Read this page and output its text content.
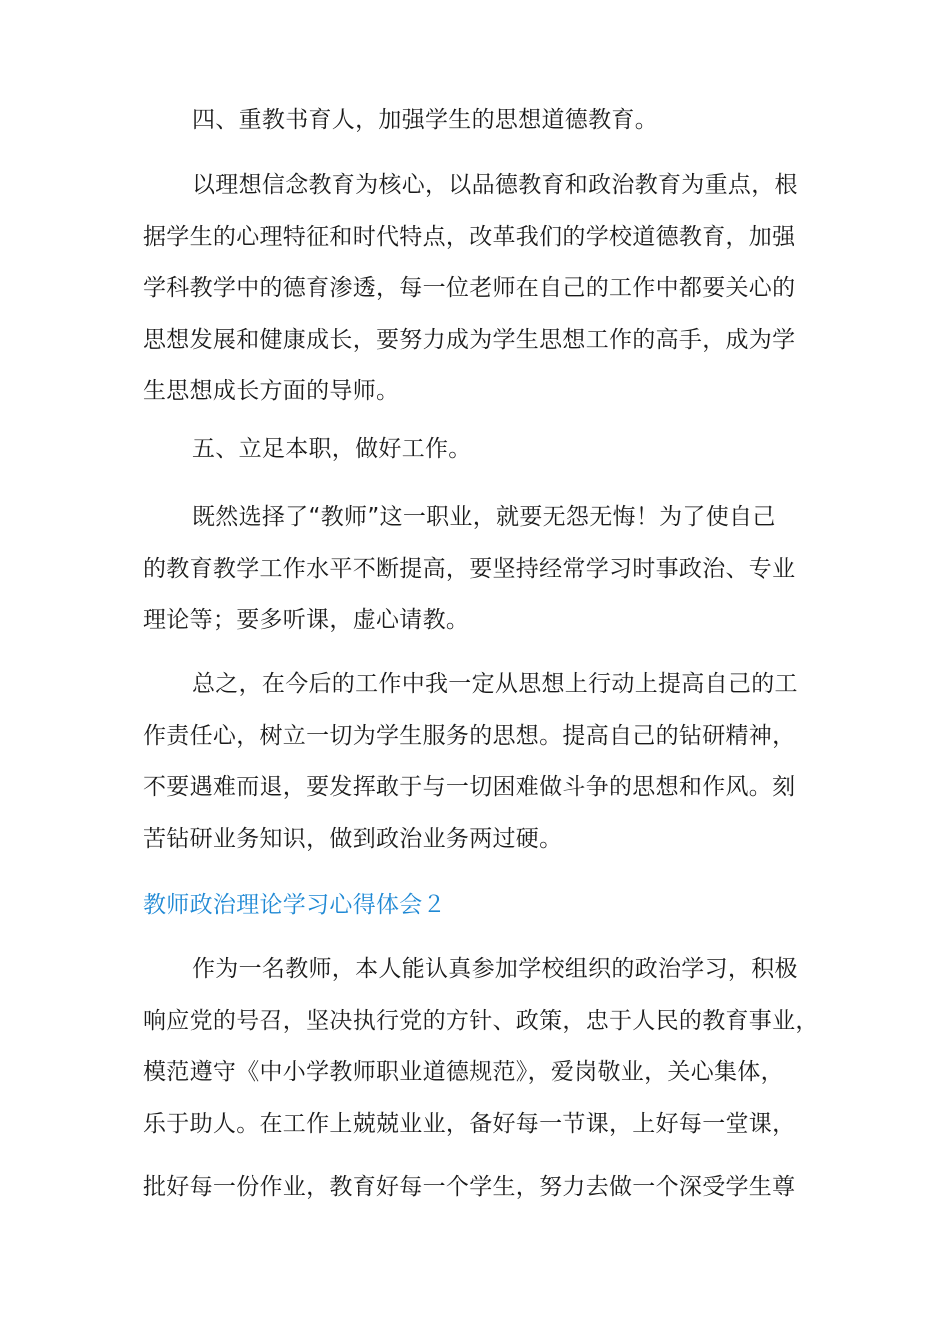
四、重教书育人，加强学生的思想道德教育。

以理想信念教育为核心，以品德教育和政治教育为重点，根
据学生的心理特征和时代特点，改革我们的学校道德教育，加强
学科教学中的德育渗透，每一位老师在自己的工作中都要关心的
思想发展和健康成长，要努力成为学生思想工作的高手，成为学
生思想成长方面的导师。

五、立足本职，做好工作。

既然选择了“教师”这一职业，就要无怨无悔！为了使自己
的教育教学工作水平不断提高，要坚持经常学习时事政治、专业
理论等；要多听课，虚心请教。

总之，在今后的工作中我一定从思想上行动上提高自己的工
作责任心，树立一切为学生服务的思想。提高自己的钻研精神，
不要遇难而退，要发挥敢于与一切困难做斗争的思想和作风。刻
苦钻研业务知识，做到政治业务两过硬。

教师政治理论学习心得体会２

作为一名教师，本人能认真参加学校组织的政治学习，积极
响应党的号召，坚决执行党的方针、政策，忠于人民的教育事业，
模范遵守《中小学教师职业道德规范》，爱岗敬业，关心集体，
乐于助人。在工作上兢兢业业，备好每一节课，上好每一堂课，

批好每一份作业，教育好每一个学生，努力去做一个深受学生尊
